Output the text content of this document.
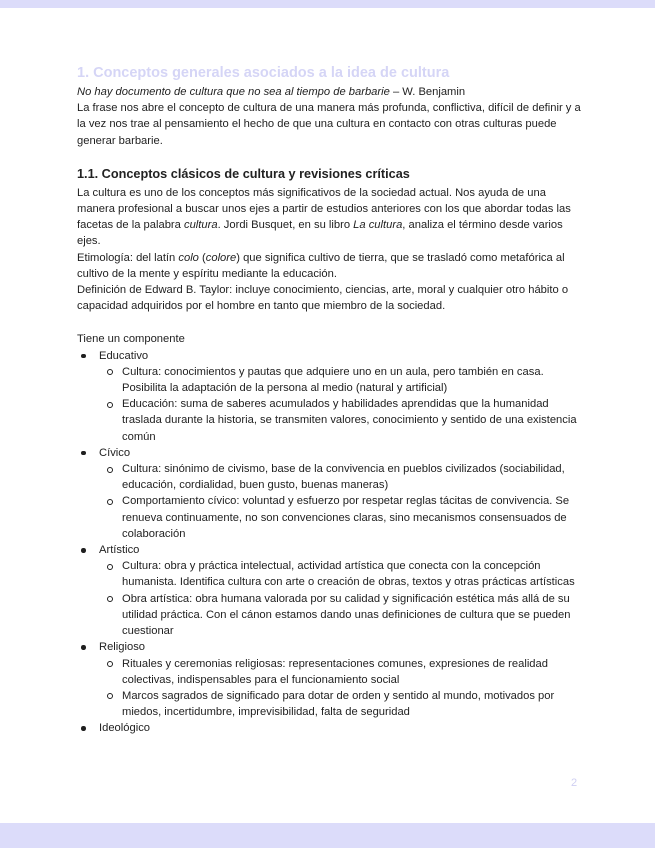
1. Conceptos generales asociados a la idea de cultura

No hay documento de cultura que no sea al tiempo de barbarie – W. Benjamin

La frase nos abre el concepto de cultura de una manera más profunda, conflictiva, difícil de definir y a la vez nos trae al pensamiento el hecho de que una cultura en contacto con otras culturas puede generar barbarie.

1.1. Conceptos clásicos de cultura y revisiones críticas

La cultura es uno de los conceptos más significativos de la sociedad actual. Nos ayuda de una manera profesional a buscar unos ejes a partir de estudios anteriores con los que abordar todas las facetas de la palabra cultura. Jordi Busquet, en su libro La cultura, analiza el término desde varios ejes.

Etimología: del latín colo (colore) que significa cultivo de tierra, que se trasladó como metafórica al cultivo de la mente y espíritu mediante la educación.

Definición de Edward B. Taylor: incluye conocimiento, ciencias, arte, moral y cualquier otro hábito o capacidad adquiridos por el hombre en tanto que miembro de la sociedad.

Tiene un componente

Educativo
Cultura: conocimientos y pautas que adquiere uno en un aula, pero también en casa. Posibilita la adaptación de la persona al medio (natural y artificial)
Educación: suma de saberes acumulados y habilidades aprendidas que la humanidad traslada durante la historia, se transmiten valores, conocimiento y sentido de una existencia común
Cívico
Cultura: sinónimo de civismo, base de la convivencia en pueblos civilizados (sociabilidad, educación, cordialidad, buen gusto, buenas maneras)
Comportamiento cívico: voluntad y esfuerzo por respetar reglas tácitas de convivencia. Se renueva continuamente, no son convenciones claras, sino mecanismos consensuados de colaboración
Artístico
Cultura: obra y práctica intelectual, actividad artística que conecta con la concepción humanista. Identifica cultura con arte o creación de obras, textos y otras prácticas artísticas
Obra artística: obra humana valorada por su calidad y significación estética más allá de su utilidad práctica. Con el cánon estamos dando unas definiciones de cultura que se pueden cuestionar
Religioso
Rituales y ceremonias religiosas: representaciones comunes, expresiones de realidad colectivas, indispensables para el funcionamiento social
Marcos sagrados de significado para dotar de orden y sentido al mundo, motivados por miedos, incertidumbre, imprevisibilidad, falta de seguridad
Ideológico
2
